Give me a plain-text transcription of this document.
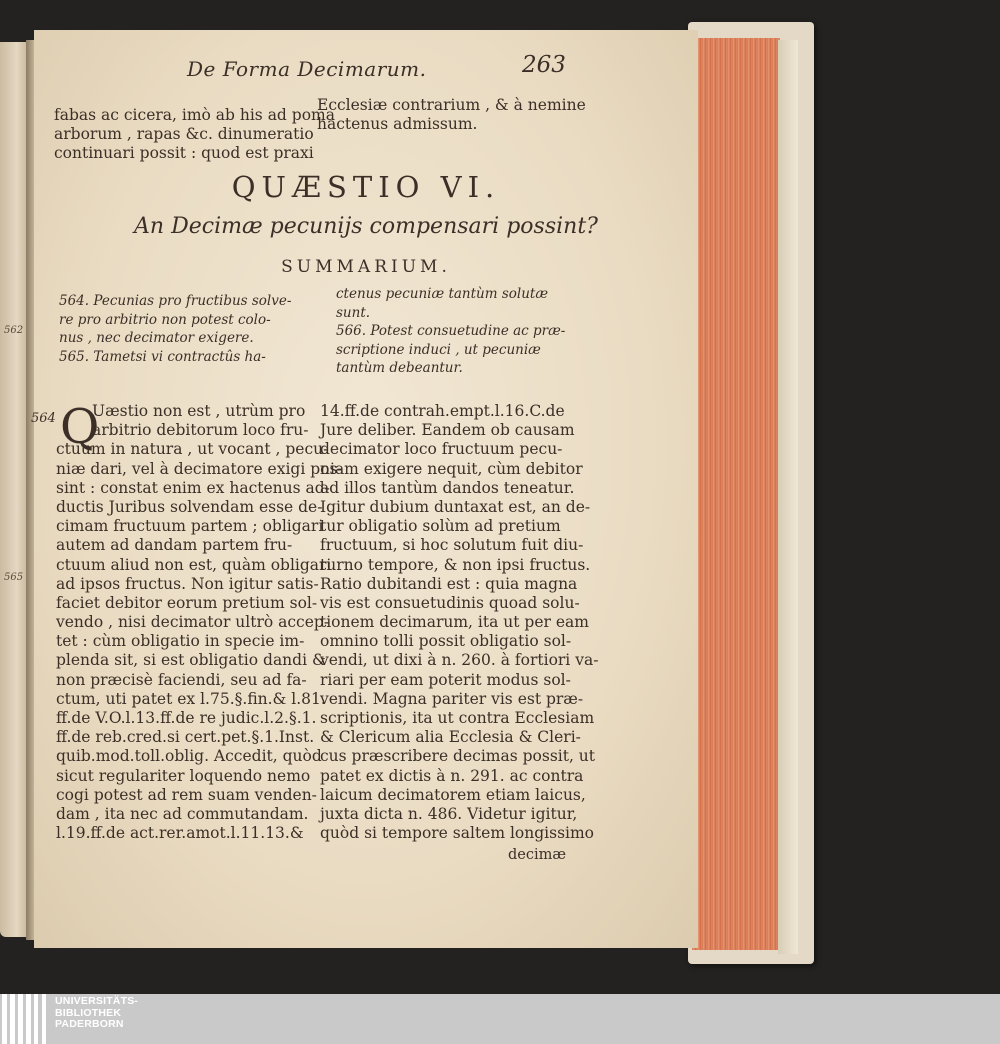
562
565
De Forma Decimarum.	263
fabas ac cicera, imò ab his ad poma
arborum , rapas &c. dinumeratio
continuari possit : quod est praxi
Ecclesiæ contrarium , & à nemine
hactenus admissum.
QUÆSTIO VI.
An Decimæ pecunijs compensari possint?
SUMMARIUM.
564. Pecunias pro fructibus solve-
re pro arbitrio non potest colo-
nus , nec decimator exigere.
565. Tametsi vi contractûs ha-
ctenus pecuniæ tantùm solutæ
sunt.
566. Potest consuetudine ac præ-
scriptione induci , ut pecuniæ
tantùm debeantur.
564 Q
Uæstio non est , utrùm pro
arbitrio debitorum loco fru-
ctuum in natura , ut vocant , pecu-
niæ dari, vel à decimatore exigi pos-
sint : constat enim ex hactenus ad-
ductis Juribus solvendam esse de-
cimam fructuum partem ; obligari
autem ad dandam partem fru-
ctuum aliud non est, quàm obligari
ad ipsos fructus. Non igitur satis-
faciet debitor eorum pretium sol-
vendo , nisi decimator ultrò accep-
tet : cùm obligatio in specie im-
plenda sit, si est obligatio dandi &
non præcisè faciendi, seu ad fa-
ctum, uti patet ex l.75.§.fin.& l.81.
ff.de V.O.l.13.ff.de re judic.l.2.§.1.
ff.de reb.cred.si cert.pet.§.1.Inst.
quib.mod.toll.oblig. Accedit, quòd
sicut regulariter loquendo nemo
cogi potest ad rem suam venden-
dam , ita nec ad commutandam.
l.19.ff.de act.rer.amot.l.11.13.&
14.ff.de contrah.empt.l.16.C.de
Jure deliber. Eandem ob causam
decimator loco fructuum pecu-
niam exigere nequit, cùm debitor
ad illos tantùm dandos teneatur.
Igitur dubium duntaxat est, an de-
tur obligatio solùm ad pretium
fructuum, si hoc solutum fuit diu-
turno tempore, & non ipsi fructus.
Ratio dubitandi est : quia magna
vis est consuetudinis quoad solu-
tionem decimarum, ita ut per eam
omnino tolli possit obligatio sol-
vendi, ut dixi à n. 260. à fortiori va-
riari per eam poterit modus sol-
vendi. Magna pariter vis est præ-
scriptionis, ita ut contra Ecclesiam
& Clericum alia Ecclesia & Cleri-
cus præscribere decimas possit, ut
patet ex dictis à n. 291. ac contra
laicum decimatorem etiam laicus,
juxta dicta n. 486. Videtur igitur,
quòd si tempore saltem longissimo
decimæ
UNIVERSITÄTS-
BIBLIOTHEK
PADERBORN
